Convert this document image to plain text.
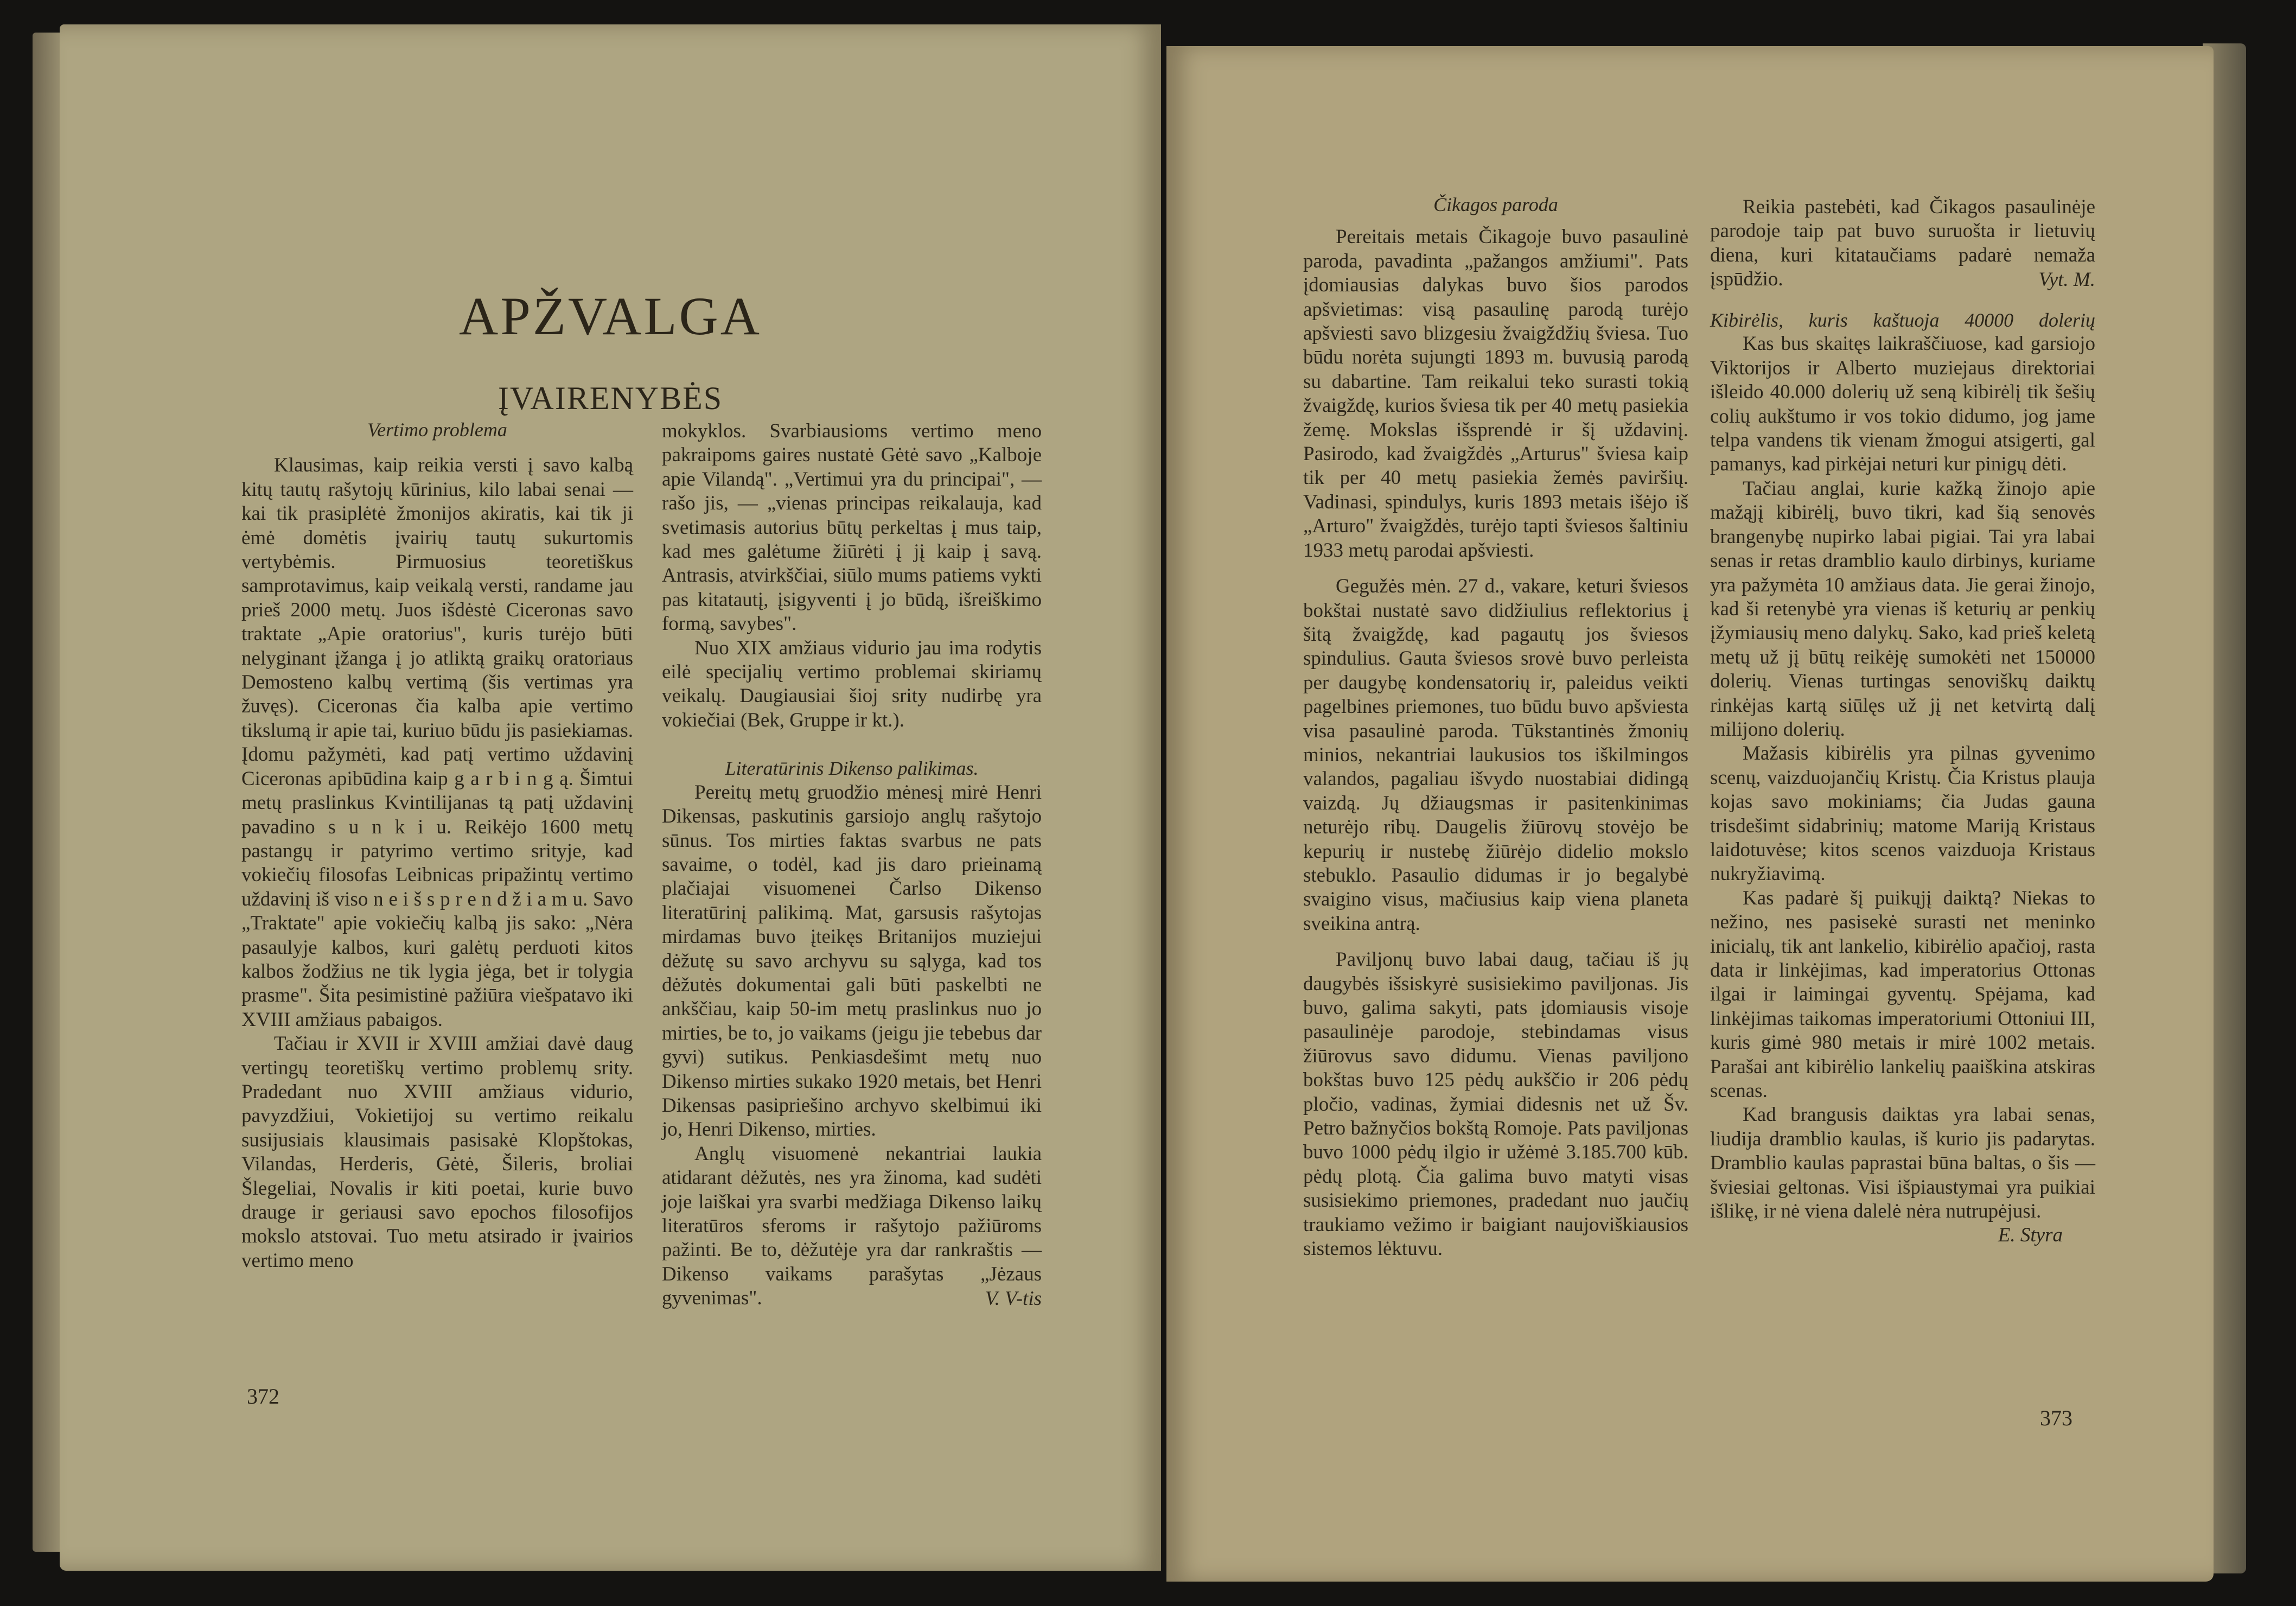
APŽVALGA
ĮVAIRENYBĖS
Vertimo problema

Klausimas, kaip reikia versti į savo kalbą kitų tautų rašytojų kūrinius, kilo labai senai — kai tik prasiplėtė žmonijos akiratis, kai tik ji ėmė domėtis įvairių tautų sukurtomis vertybėmis. Pirmuosius teoretiškus samprotavimus, kaip veikalą versti, randame jau prieš 2000 metų. Juos išdėstė Ciceronas savo traktate „Apie oratorius", kuris turėjo būti nelyginant įžanga į jo atliktą graikų oratoriaus Demosteno kalbų vertimą (šis vertimas yra žuvęs). Ciceronas čia kalba apie vertimo tikslumą ir apie tai, kuriuo būdu jis pasiekiamas. Įdomu pažymėti, kad patį vertimo uždavinį Ciceronas apibūdina kaip g a r b i n g ą. Šimtui metų praslinkus Kvintilijanas tą patį uždavinį pavadino s u n k i u. Reikėjo 1600 metų pastangų ir patyrimo vertimo srityje, kad vokiečių filosofas Leibnicas pripažintų vertimo uždavinį iš viso n e i š s p r e n d ž i a m u. Savo „Traktate" apie vokiečių kalbą jis sako: „Nėra pasaulyje kalbos, kuri galėtų perduoti kitos kalbos žodžius ne tik lygia jėga, bet ir tolygia prasme". Šita pesimistinė pažiūra viešpatavo iki XVIII amžiaus pabaigos.

Tačiau ir XVII ir XVIII amžiai davė daug vertingų teoretiškų vertimo problemų srity. Pradedant nuo XVIII amžiaus vidurio, pavyzdžiui, Vokietijoj su vertimo reikalu susijusiais klausimais pasisakė Klopštokas, Vilandas, Herderis, Gėtė, Šileris, broliai Šlegeliai, Novalis ir kiti poetai, kurie buvo drauge ir geriausi savo epochos filosofijos mokslo atstovai. Tuo metu atsirado ir įvairios vertimo meno

mokyklos. Svarbiausioms vertimo meno pakraipoms gaires nustatė Gėtė savo „Kalboje apie Vilandą". „Vertimui yra du principai", — rašo jis, — „vienas principas reikalauja, kad svetimasis autorius būtų perkeltas į mus taip, kad mes galėtume žiūrėti į jį kaip į savą. Antrasis, atvirkščiai, siūlo mums patiems vykti pas kitatautį, įsigyventi į jo būdą, išreiškimo formą, savybes".

Nuo XIX amžiaus vidurio jau ima rodytis eilė specijalių vertimo problemai skiriamų veikalų. Daugiausiai šioj srity nudirbę yra vokiečiai (Bek, Gruppe ir kt.).

Literatūrinis Dikenso palikimas.

Pereitų metų gruodžio mėnesį mirė Henri Dikensas, paskutinis garsiojo anglų rašytojo sūnus. Tos mirties faktas svarbus ne pats savaime, o todėl, kad jis daro prieinamą plačiajai visuomenei Čarlso Dikenso literatūrinį palikimą. Mat, garsusis rašytojas mirdamas buvo įteikęs Britanijos muziejui dėžutę su savo archyvu su sąlyga, kad tos dėžutės dokumentai gali būti paskelbti ne ankščiau, kaip 50-im metų praslinkus nuo jo mirties, be to, jo vaikams (jeigu jie tebebus dar gyvi) sutikus. Penkiasdešimt metų nuo Dikenso mirties sukako 1920 metais, bet Henri Dikensas pasipriešino archyvo skelbimui iki jo, Henri Dikenso, mirties.

Anglų visuomenė nekantriai laukia atidarant dėžutės, nes yra žinoma, kad sudėti joje laiškai yra svarbi medžiaga Dikenso laikų literatūros sferoms ir rašytojo pažiūroms pažinti. Be to, dėžutėje yra dar rankraštis — Dikenso vaikams parašytas „Jėzaus gyvenimas".	V. V-tis
372
Čikagos paroda

Pereitais metais Čikagoje buvo pasaulinė paroda, pavadinta „pažangos amžiumi". Pats įdomiausias dalykas buvo šios parodos apšvietimas: visą pasaulinę parodą turėjo apšviesti savo blizgesiu žvaigždžių šviesa. Tuo būdu norėta sujungti 1893 m. buvusią parodą su dabartine. Tam reikalui teko surasti tokią žvaigždę, kurios šviesa tik per 40 metų pasiekia žemę. Mokslas išsprendė ir šį uždavinį. Pasirodo, kad žvaigždės „Arturus" šviesa kaip tik per 40 metų pasiekia žemės paviršių. Vadinasi, spindulys, kuris 1893 metais išėjo iš „Arturo" žvaigždės, turėjo tapti šviesos šaltiniu 1933 metų parodai apšviesti.

Gegužės mėn. 27 d., vakare, keturi šviesos bokštai nustatė savo didžiulius reflektorius į šitą žvaigždę, kad pagautų jos šviesos spindulius. Gauta šviesos srovė buvo perleista per daugybę kondensatorių ir, paleidus veikti pagelbines priemones, tuo būdu buvo apšviesta visa pasaulinė paroda. Tūkstantinės žmonių minios, nekantriai laukusios tos iškilmingos valandos, pagaliau išvydo nuostabiai didingą vaizdą. Jų džiaugsmas ir pasitenkinimas neturėjo ribų. Daugelis žiūrovų stovėjo be kepurių ir nustebę žiūrėjo didelio mokslo stebuklo. Pasaulio didumas ir jo begalybė svaigino visus, mačiusius kaip viena planeta sveikina antrą.

Paviljonų buvo labai daug, tačiau iš jų daugybės išsiskyrė susisiekimo paviljonas. Jis buvo, galima sakyti, pats įdomiausis visoje pasaulinėje parodoje, stebindamas visus žiūrovus savo didumu. Vienas paviljono bokštas buvo 125 pėdų aukščio ir 206 pėdų pločio, vadinas, žymiai didesnis net už Šv. Petro bažnyčios bokštą Romoje. Pats paviljonas buvo 1000 pėdų ilgio ir užėmė 3.185.700 kūb. pėdų plotą. Čia galima buvo matyti visas susisiekimo priemones, pradedant nuo jaučių traukiamo vežimo ir baigiant naujoviškiausios sistemos lėktuvu.

Reikia pastebėti, kad Čikagos pasaulinėje parodoje taip pat buvo suruošta ir lietuvių diena, kuri kitataučiams padarė nemaža įspūdžio.	Vyt. M.
Kibirėlis, kuris kaštuoja 40000 dolerių

Kas bus skaitęs laikraščiuose, kad garsiojo Viktorijos ir Alberto muziejaus direktoriai išleido 40.000 dolerių už seną kibirėlį tik šešių colių aukštumo ir vos tokio didumo, jog jame telpa vandens tik vienam žmogui atsigerti, gal pamanys, kad pirkėjai neturi kur pinigų dėti.

Tačiau anglai, kurie kažką žinojo apie mažąjį kibirėlį, buvo tikri, kad šią senovės brangenybę nupirko labai pigiai. Tai yra labai senas ir retas dramblio kaulo dirbinys, kuriame yra pažymėta 10 amžiaus data. Jie gerai žinojo, kad ši retenybė yra vienas iš keturių ar penkių įžymiausių meno dalykų. Sako, kad prieš keletą metų už jį būtų reikėję sumokėti net 150000 dolerių. Vienas turtingas senoviškų daiktų rinkėjas kartą siūlęs už jį net ketvirtą dalį milijono dolerių.

Mažasis kibirėlis yra pilnas gyvenimo scenų, vaizduojančių Kristų. Čia Kristus plauja kojas savo mokiniams; čia Judas gauna trisdešimt sidabrinių; matome Mariją Kristaus laidotuvėse; kitos scenos vaizduoja Kristaus nukryžiavimą.

Kas padarė šį puikųjį daiktą? Niekas to nežino, nes pasisekė surasti net meninko inicialų, tik ant lankelio, kibirėlio apačioj, rasta data ir linkėjimas, kad imperatorius Ottonas ilgai ir laimingai gyventų. Spėjama, kad linkėjimas taikomas imperatoriumi Ottoniui III, kuris gimė 980 metais ir mirė 1002 metais. Parašai ant kibirėlio lankelių paaiškina atskiras scenas.

Kad brangusis daiktas yra labai senas, liudija dramblio kaulas, iš kurio jis padarytas. Dramblio kaulas paprastai būna baltas, o šis — šviesiai geltonas. Visi išpiaustymai yra puikiai išlikę, ir nė viena dalelė nėra nutrupėjusi.

E. Styra
373
